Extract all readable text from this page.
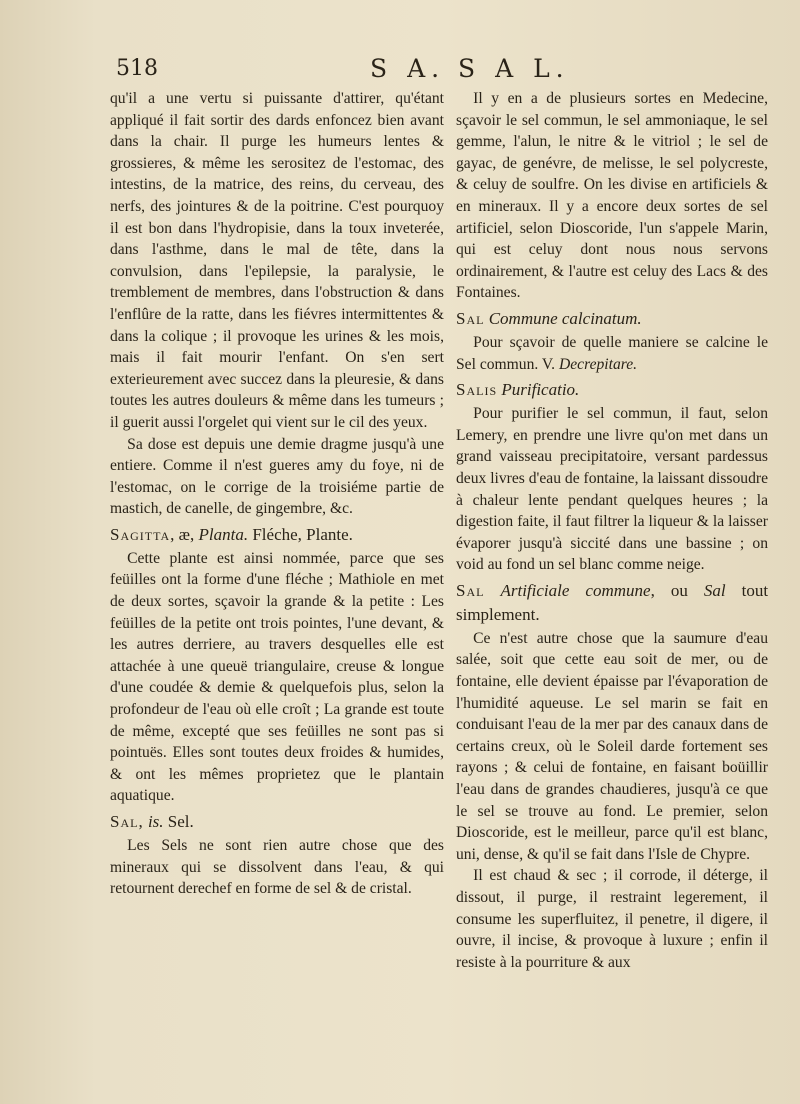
518	S A. S A L.

qu'il a une vertu si puissante d'attirer, qu'étant appliqué il fait sortir des dards enfoncez bien avant dans la chair. Il purge les humeurs lentes & grossieres, & même les serositez de l'estomac, des intestins, de la matrice, des reins, du cerveau, des nerfs, des jointures & de la poitrine. C'est pourquoy il est bon dans l'hydropisie, dans la toux inveterée, dans l'asthme, dans le mal de tête, dans la convulsion, dans l'epilepsie, la paralysie, le tremblement de membres, dans l'obstruction & dans l'enflûre de la ratte, dans les fiévres intermittentes & dans la colique ; il provoque les urines & les mois, mais il fait mourir l'enfant. On s'en sert exterieurement avec succez dans la pleuresie, & dans toutes les autres douleurs & même dans les tumeurs ; il guerit aussi l'orgelet qui vient sur le cil des yeux.

Sa dose est depuis une demie dragme jusqu'à une entiere. Comme il n'est gueres amy du foye, ni de l'estomac, on le corrige de la troisiéme partie de mastich, de canelle, de gingembre, &c.

Sagitta, æ, Planta. Fléche, Plante.

Cette plante est ainsi nommée, parce que ses feüilles ont la forme d'une fléche ; Mathiole en met de deux sortes, sçavoir la grande & la petite : Les feüilles de la petite ont trois pointes, l'une devant, & les autres derriere, au travers desquelles elle est attachée à une queuë triangulaire, creuse & longue d'une coudée & demie & quelquefois plus, selon la profondeur de l'eau où elle croît ; La grande est toute de même, excepté que ses feüilles ne sont pas si pointuës. Elles sont toutes deux froides & humides, & ont les mêmes proprietez que le plantain aquatique.

Sal, is. Sel.

Les Sels ne sont rien autre chose que des mineraux qui se dissolvent dans l'eau, & qui retournent derechef en forme de sel & de cristal.

Il y en a de plusieurs sortes en Medecine, sçavoir le sel commun, le sel ammoniaque, le sel gemme, l'alun, le nitre & le vitriol ; le sel de gayac, de genévre, de melisse, le sel polycreste, & celuy de soulfre. On les divise en artificiels & en mineraux. Il y a encore deux sortes de sel artificiel, selon Dioscoride, l'un s'appele Marin, qui est celuy dont nous nous servons ordinairement, & l'autre est celuy des Lacs & des Fontaines.

Sal Commune calcinatum.

Pour sçavoir de quelle maniere se calcine le Sel commun. V. Decrepitare.

Salis Purificatio.

Pour purifier le sel commun, il faut, selon Lemery, en prendre une livre qu'on met dans un grand vaisseau precipitatoire, versant pardessus deux livres d'eau de fontaine, la laissant dissoudre à chaleur lente pendant quelques heures ; la digestion faite, il faut filtrer la liqueur & la laisser évaporer jusqu'à siccité dans une bassine ; on void au fond un sel blanc comme neige.

Sal Artificiale commune, ou Sal tout simplement.

Ce n'est autre chose que la saumure d'eau salée, soit que cette eau soit de mer, ou de fontaine, elle devient épaisse par l'évaporation de l'humidité aqueuse. Le sel marin se fait en conduisant l'eau de la mer par des canaux dans de certains creux, où le Soleil darde fortement ses rayons ; & celui de fontaine, en faisant boüillir l'eau dans de grandes chaudieres, jusqu'à ce que le sel se trouve au fond. Le premier, selon Dioscoride, est le meilleur, parce qu'il est blanc, uni, dense, & qu'il se fait dans l'Isle de Chypre.

Il est chaud & sec ; il corrode, il déterge, il dissout, il purge, il restraint legerement, il consume les superfluitez, il penetre, il digere, il ouvre, il incise, & provoque à luxure ; enfin il resiste à la pourriture & aux
